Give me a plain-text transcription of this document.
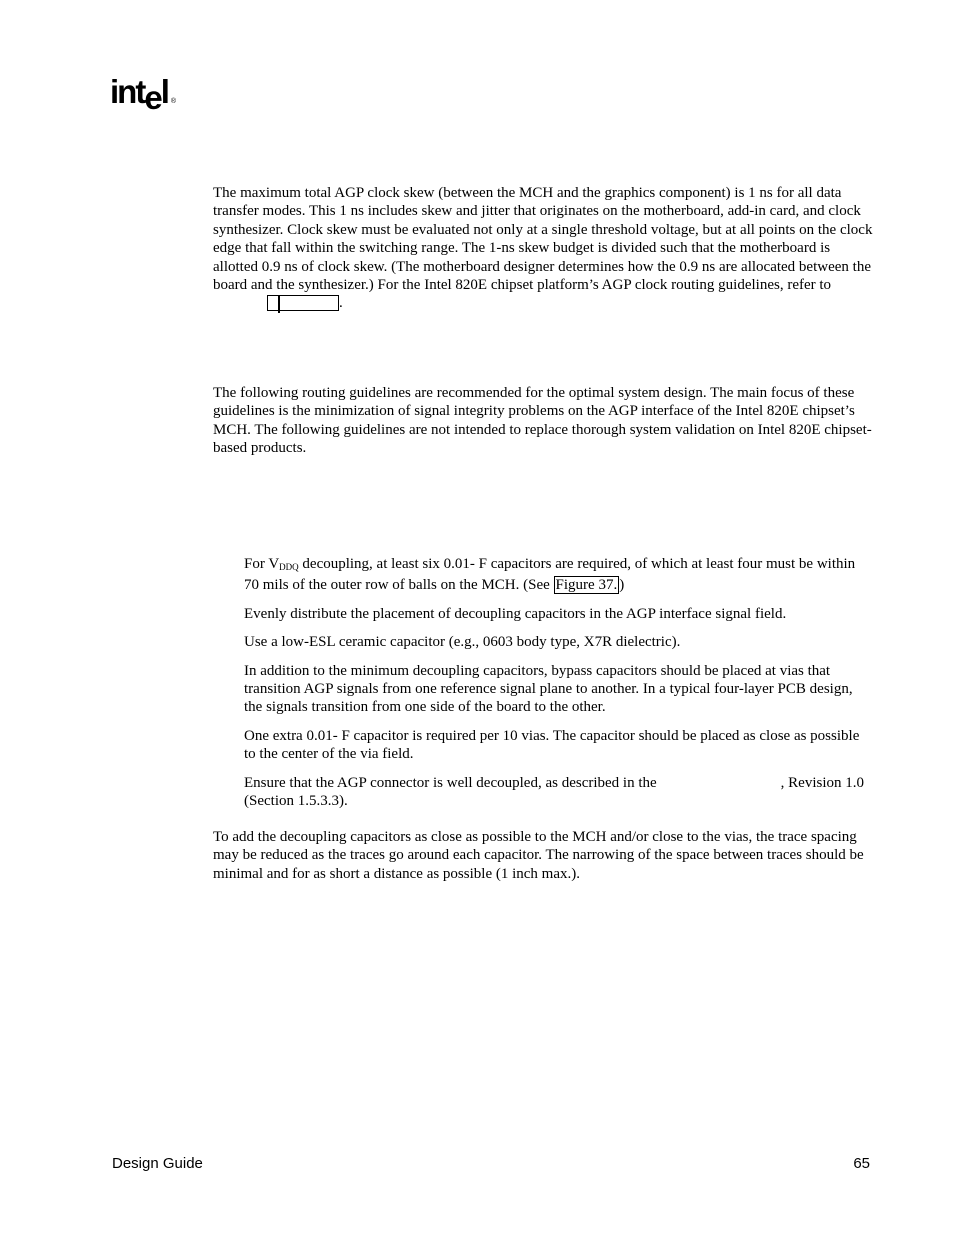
intel ®

The maximum total AGP clock skew (between the MCH and the graphics component) is 1 ns for all data transfer modes. This 1 ns includes skew and jitter that originates on the motherboard, add-in card, and clock synthesizer. Clock skew must be evaluated not only at a single threshold voltage, but at all points on the clock edge that fall within the switching range. The 1-ns skew budget is divided such that the motherboard is allotted 0.9 ns of clock skew. (The motherboard designer determines how the 0.9 ns are allocated between the board and the synthesizer.) For the Intel 820E chipset platform’s AGP clock routing guidelines, refer to
.

The following routing guidelines are recommended for the optimal system design. The main focus of these guidelines is the minimization of signal integrity problems on the AGP interface of the Intel 820E chipset’s MCH. The following guidelines are not intended to replace thorough system validation on Intel 820E chipset-based products.

For $V_{DDQ}$ decoupling, at least six 0.01- F capacitors are required, of which at least four must be within 70 mils of the outer row of balls on the MCH. (See Figure 37. )
Evenly distribute the placement of decoupling capacitors in the AGP interface signal field.
Use a low-ESL ceramic capacitor (e.g., 0603 body type, X7R dielectric).
In addition to the minimum decoupling capacitors, bypass capacitors should be placed at vias that transition AGP signals from one reference signal plane to another. In a typical four-layer PCB design, the signals transition from one side of the board to the other.
One extra 0.01- F capacitor is required per 10 vias. The capacitor should be placed as close as possible to the center of the via field.
Ensure that the AGP connector is well decoupled, as described in the	, Revision 1.0 (Section 1.5.3.3).

To add the decoupling capacitors as close as possible to the MCH and/or close to the vias, the trace spacing may be reduced as the traces go around each capacitor. The narrowing of the space between traces should be minimal and for as short a distance as possible (1 inch max.).

Design Guide	65
